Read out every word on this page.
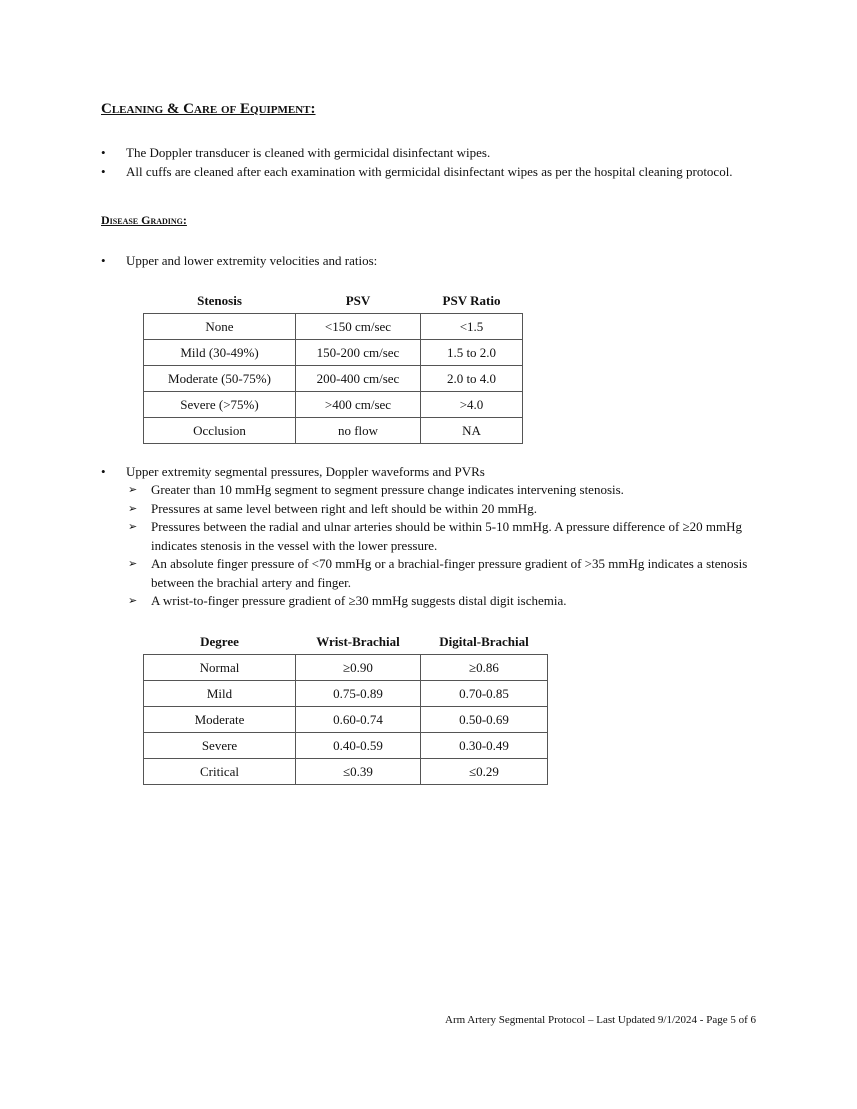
Cleaning & Care of Equipment:
• The Doppler transducer is cleaned with germicidal disinfectant wipes.
• All cuffs are cleaned after each examination with germicidal disinfectant wipes as per the hospital cleaning protocol.
Disease Grading:
• Upper and lower extremity velocities and ratios:
Stenosis	PSV	PSV Ratio
None	<150 cm/sec	<1.5
Mild (30-49%)	150-200 cm/sec	1.5 to 2.0
Moderate (50-75%)	200-400 cm/sec	2.0 to 4.0
Severe (>75%)	>400 cm/sec	>4.0
Occlusion	no flow	NA
• Upper extremity segmental pressures, Doppler waveforms and PVRs
➢ Greater than 10 mmHg segment to segment pressure change indicates intervening stenosis.
➢ Pressures at same level between right and left should be within 20 mmHg.
➢ Pressures between the radial and ulnar arteries should be within 5-10 mmHg. A pressure difference of ≥20 mmHg indicates stenosis in the vessel with the lower pressure.
➢ An absolute finger pressure of <70 mmHg or a brachial-finger pressure gradient of >35 mmHg indicates a stenosis between the brachial artery and finger.
➢ A wrist-to-finger pressure gradient of ≥30 mmHg suggests distal digit ischemia.
Degree	Wrist-Brachial	Digital-Brachial
Normal	≥0.90	≥0.86
Mild	0.75-0.89	0.70-0.85
Moderate	0.60-0.74	0.50-0.69
Severe	0.40-0.59	0.30-0.49
Critical	≤0.39	≤0.29
Arm Artery Segmental Protocol – Last Updated 9/1/2024 - Page 5 of 6
